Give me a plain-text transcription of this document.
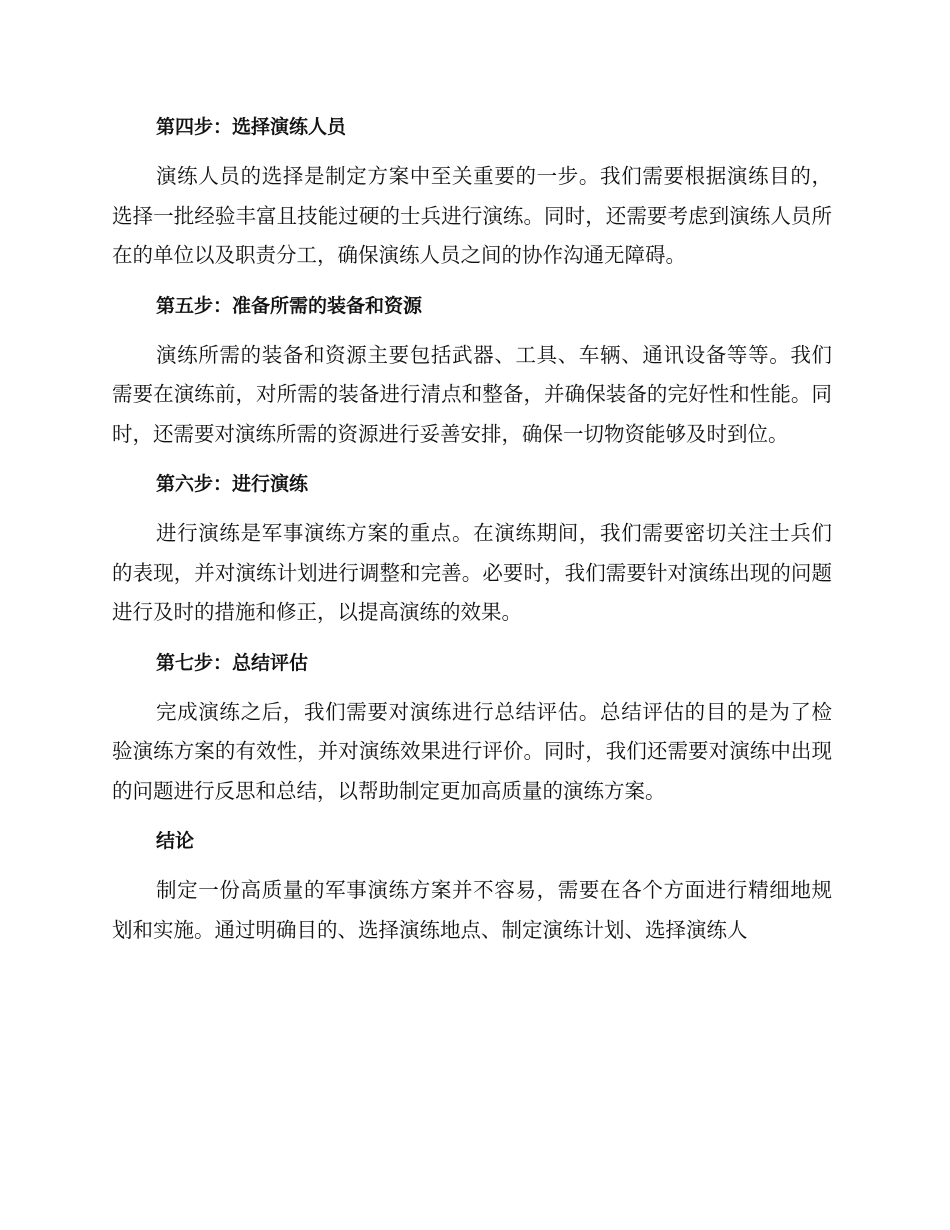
第四步：选择演练人员

演练人员的选择是制定方案中至关重要的一步。我们需要根据演练目的，选择一批经验丰富且技能过硬的士兵进行演练。同时，还需要考虑到演练人员所在的单位以及职责分工，确保演练人员之间的协作沟通无障碍。

第五步：准备所需的装备和资源

演练所需的装备和资源主要包括武器、工具、车辆、通讯设备等等。我们需要在演练前，对所需的装备进行清点和整备，并确保装备的完好性和性能。同时，还需要对演练所需的资源进行妥善安排，确保一切物资能够及时到位。

第六步：进行演练

进行演练是军事演练方案的重点。在演练期间，我们需要密切关注士兵们的表现，并对演练计划进行调整和完善。必要时，我们需要针对演练出现的问题进行及时的措施和修正，以提高演练的效果。

第七步：总结评估

完成演练之后，我们需要对演练进行总结评估。总结评估的目的是为了检验演练方案的有效性，并对演练效果进行评价。同时，我们还需要对演练中出现的问题进行反思和总结，以帮助制定更加高质量的演练方案。

结论

制定一份高质量的军事演练方案并不容易，需要在各个方面进行精细地规划和实施。通过明确目的、选择演练地点、制定演练计划、选择演练人
